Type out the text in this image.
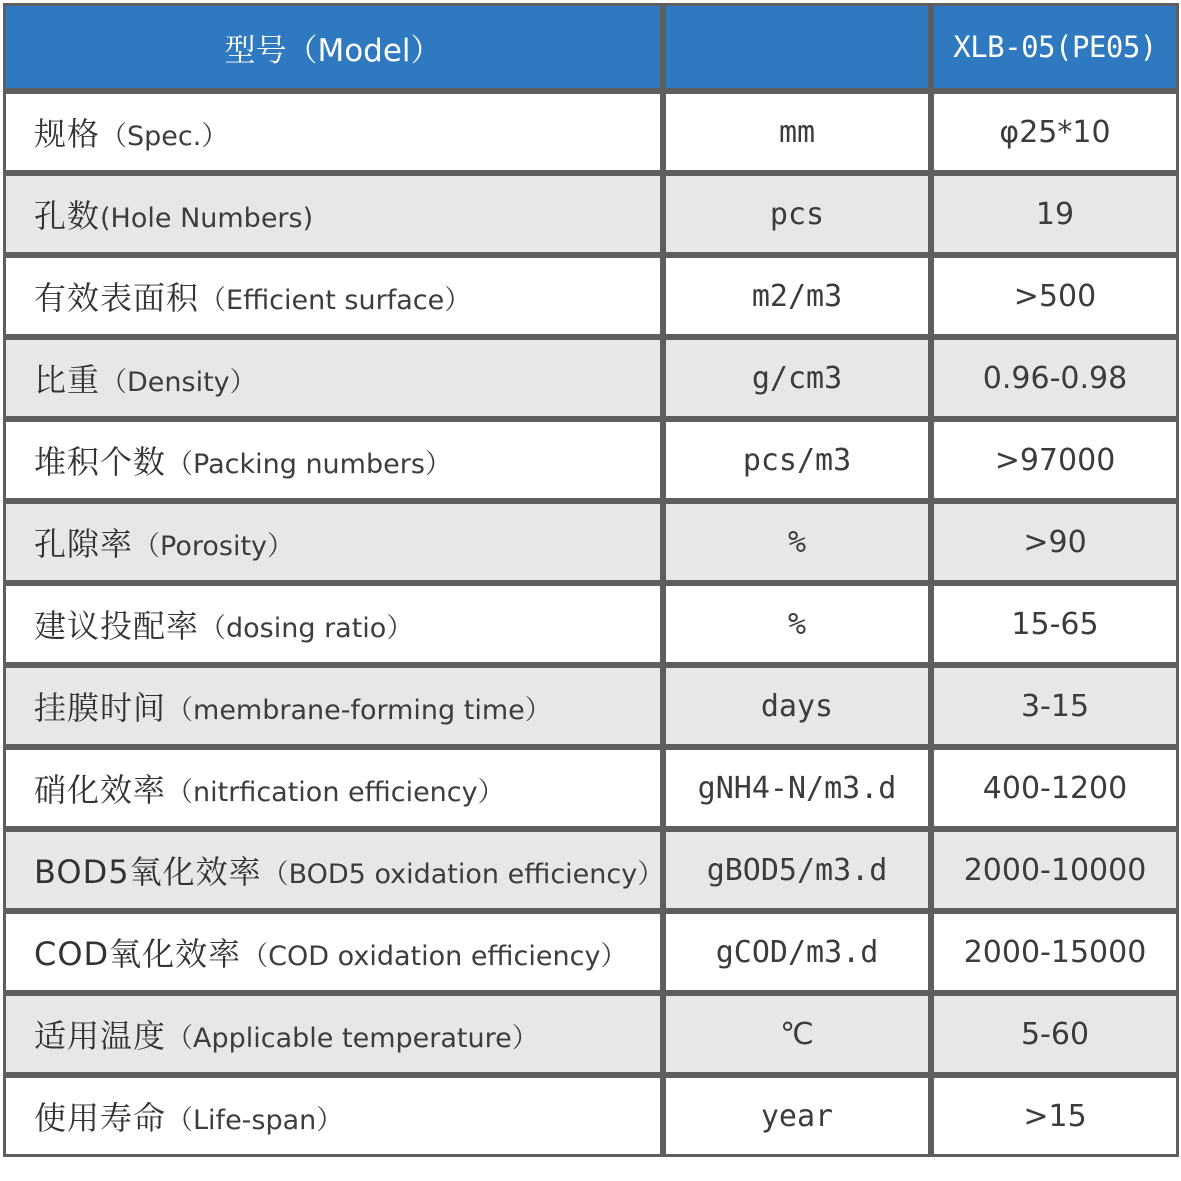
型号（Model）		XLB-05(PE05)
规格（Spec.）	mm	φ25*10
孔数(Hole Numbers)	pcs	19
有效表面积（Efficient surface）	m2/m3	>500
比重（Density）	g/cm3	0.96-0.98
堆积个数（Packing numbers）	pcs/m3	>97000
孔隙率（Porosity）	%	>90
建议投配率（dosing ratio）	%	15-65
挂膜时间（membrane-forming time）	days	3-15
硝化效率（nitrfication efficiency）	gNH4-N/m3.d	400-1200
BOD5氧化效率（BOD5 oxidation efficiency）	gBOD5/m3.d	2000-10000
COD氧化效率（COD oxidation efficiency）	gCOD/m3.d	2000-15000
适用温度（Applicable temperature）	℃	5-60
使用寿命（Life-span）	year	>15
